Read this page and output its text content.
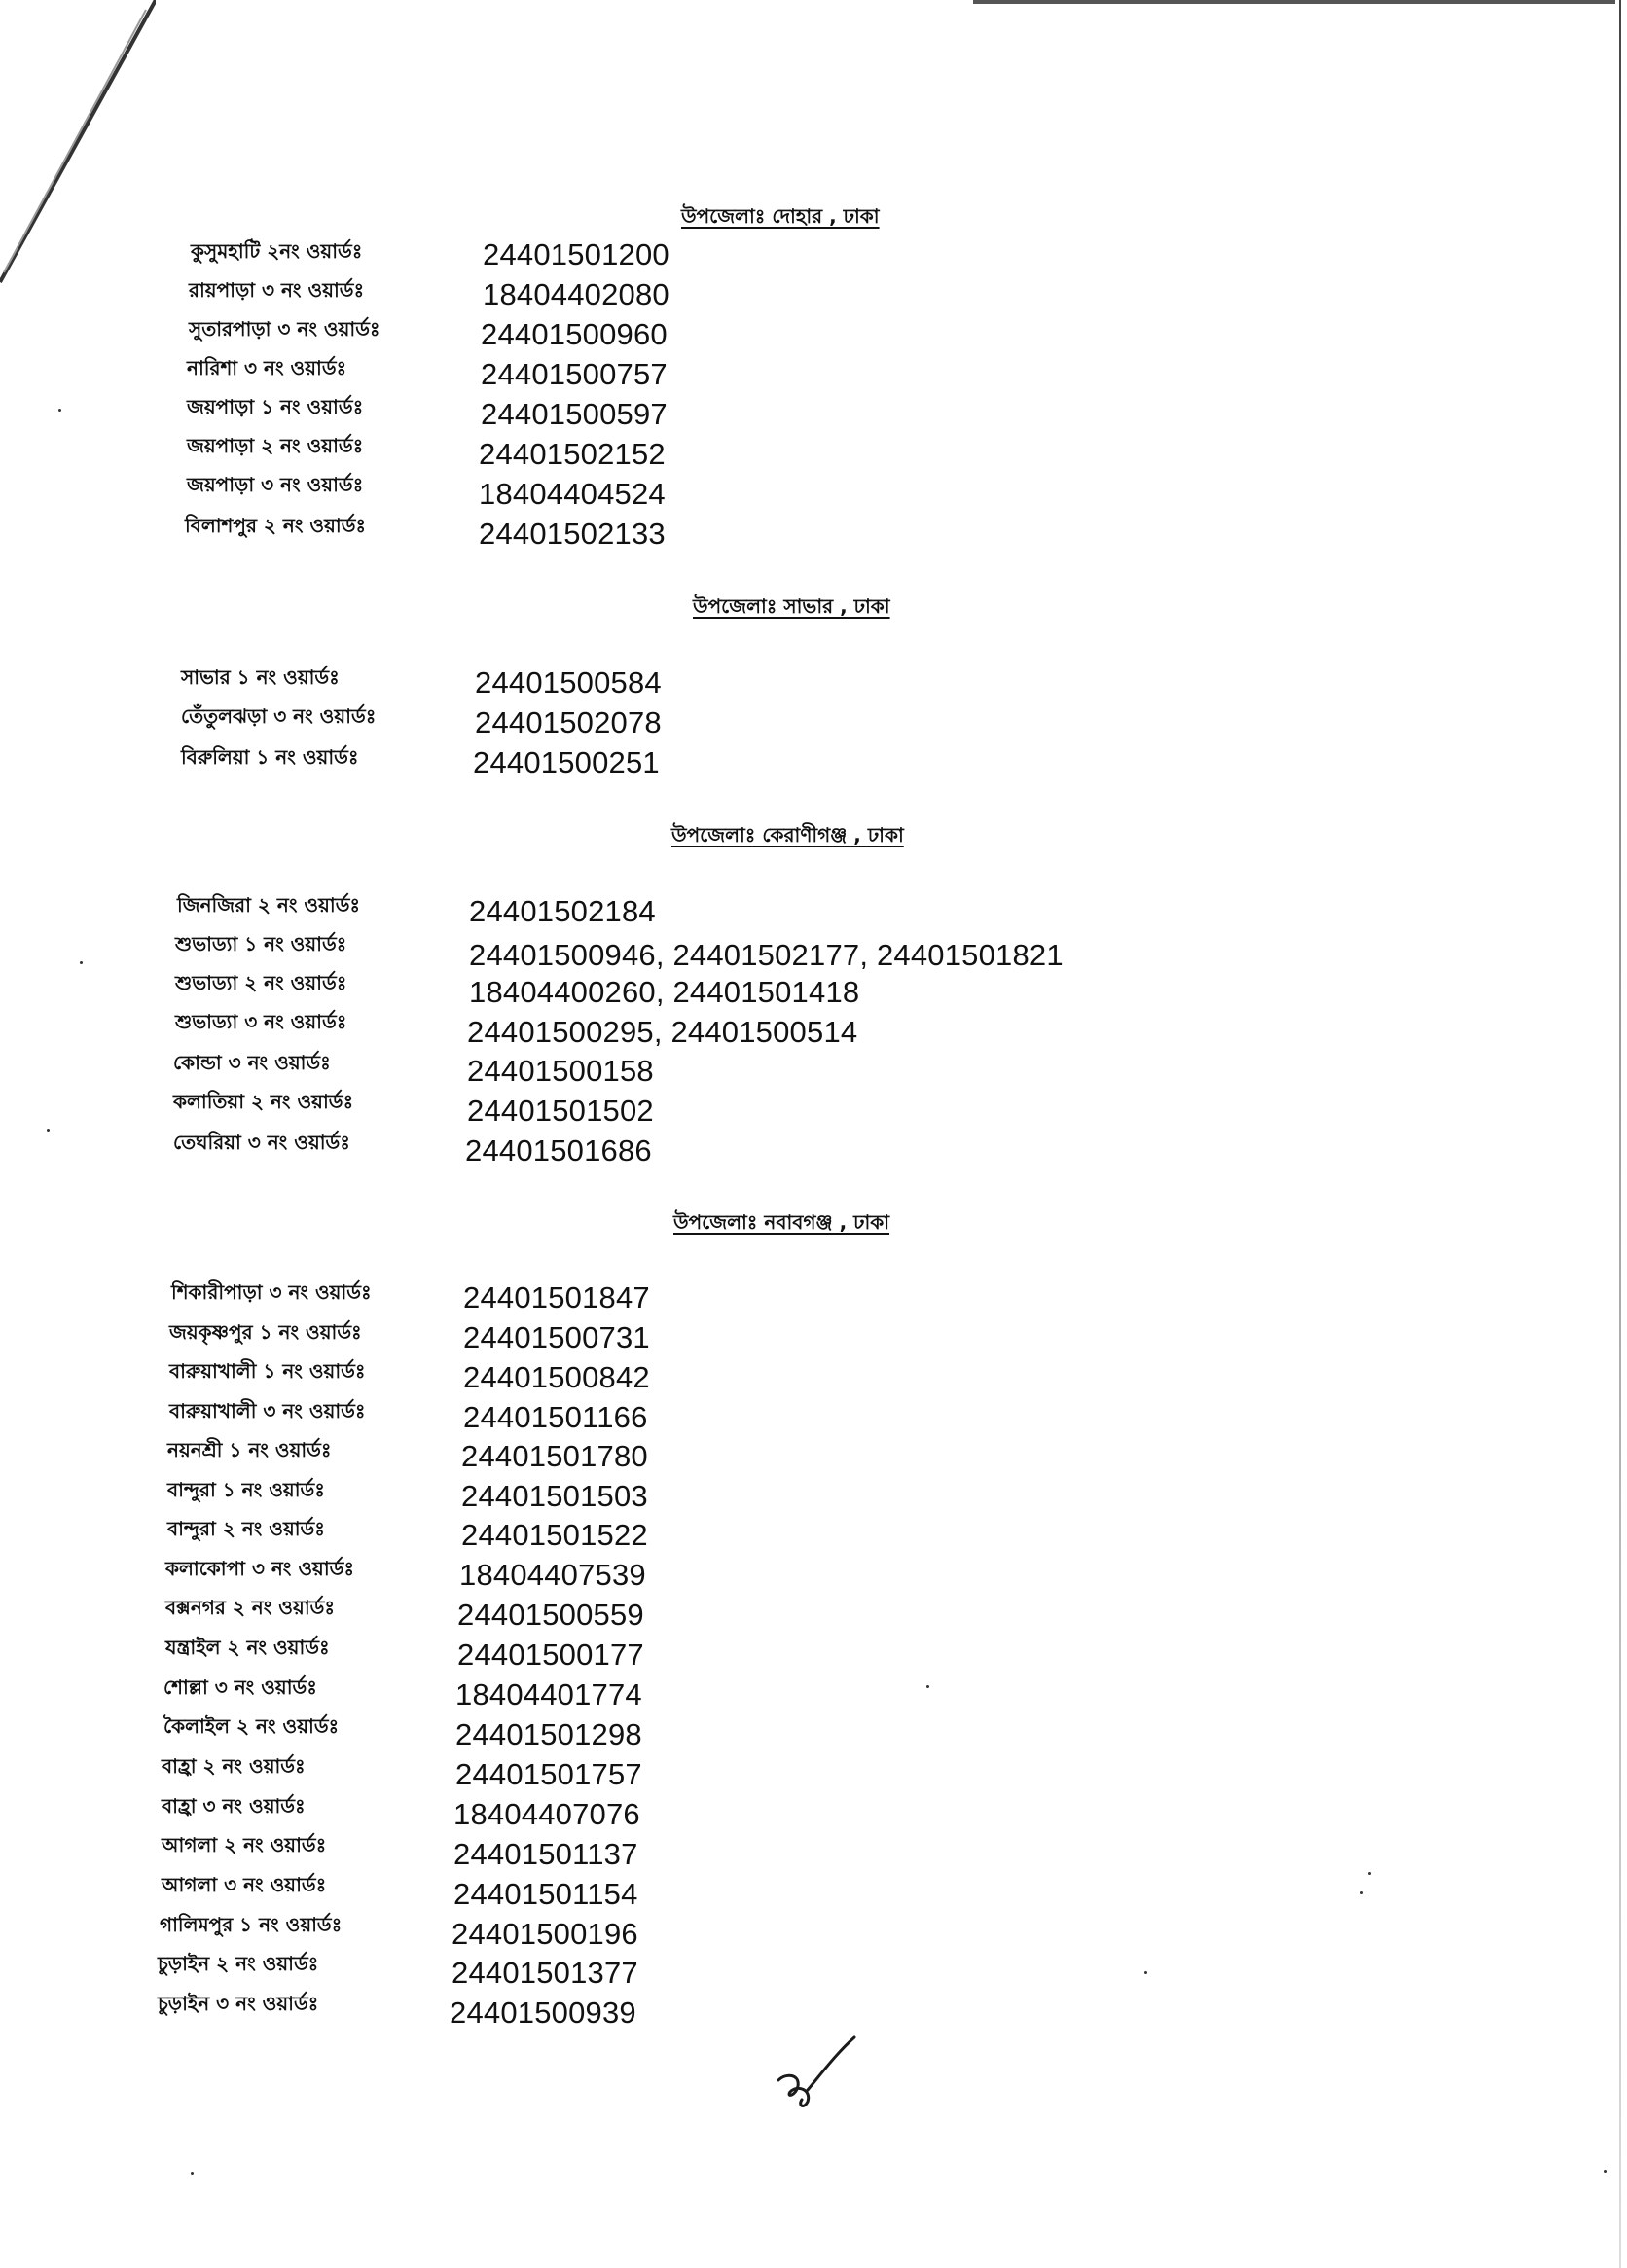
উপজেলাঃ দোহার , ঢাকা
কুসুমহাটি ২নং ওয়ার্ডঃ	24401501200
রায়পাড়া ৩ নং ওয়ার্ডঃ	18404402080
সুতারপাড়া ৩ নং ওয়ার্ডঃ	24401500960
নারিশা ৩ নং ওয়ার্ডঃ	24401500757
জয়পাড়া ১ নং ওয়ার্ডঃ	24401500597
জয়পাড়া ২ নং ওয়ার্ডঃ	24401502152
জয়পাড়া ৩ নং ওয়ার্ডঃ	18404404524
বিলাশপুর ২ নং ওয়ার্ডঃ	24401502133
উপজেলাঃ সাভার , ঢাকা
সাভার ১ নং ওয়ার্ডঃ	24401500584
তেঁতুলঝড়া ৩ নং ওয়ার্ডঃ	24401502078
বিরুলিয়া ১ নং ওয়ার্ডঃ	24401500251
উপজেলাঃ কেরাণীগঞ্জ , ঢাকা
জিনজিরা ২ নং ওয়ার্ডঃ	24401502184
শুভাড্যা ১ নং ওয়ার্ডঃ	24401500946, 24401502177, 24401501821
শুভাড্যা ২ নং ওয়ার্ডঃ	18404400260, 24401501418
শুভাড্যা ৩ নং ওয়ার্ডঃ	24401500295, 24401500514
কোন্ডা ৩ নং ওয়ার্ডঃ	24401500158
কলাতিয়া ২ নং ওয়ার্ডঃ	24401501502
তেঘরিয়া ৩ নং ওয়ার্ডঃ	24401501686
উপজেলাঃ নবাবগঞ্জ , ঢাকা
শিকারীপাড়া ৩ নং ওয়ার্ডঃ	24401501847
জয়কৃষ্ণপুর ১ নং ওয়ার্ডঃ	24401500731
বারুয়াখালী ১ নং ওয়ার্ডঃ	24401500842
বারুয়াখালী ৩ নং ওয়ার্ডঃ	24401501166
নয়নশ্রী ১ নং ওয়ার্ডঃ	24401501780
বান্দুরা ১ নং ওয়ার্ডঃ	24401501503
বান্দুরা ২ নং ওয়ার্ডঃ	24401501522
কলাকোপা ৩ নং ওয়ার্ডঃ	18404407539
বক্সনগর ২ নং ওয়ার্ডঃ	24401500559
যন্ত্রাইল ২ নং ওয়ার্ডঃ	24401500177
শোল্লা ৩ নং ওয়ার্ডঃ	18404401774
কৈলাইল ২ নং ওয়ার্ডঃ	24401501298
বাহ্রা ২ নং ওয়ার্ডঃ	24401501757
বাহ্রা ৩ নং ওয়ার্ডঃ	18404407076
আগলা ২ নং ওয়ার্ডঃ	24401501137
আগলা ৩ নং ওয়ার্ডঃ	24401501154
গালিমপুর ১ নং ওয়ার্ডঃ	24401500196
চুড়াইন ২ নং ওয়ার্ডঃ	24401501377
চুড়াইন ৩ নং ওয়ার্ডঃ	24401500939
